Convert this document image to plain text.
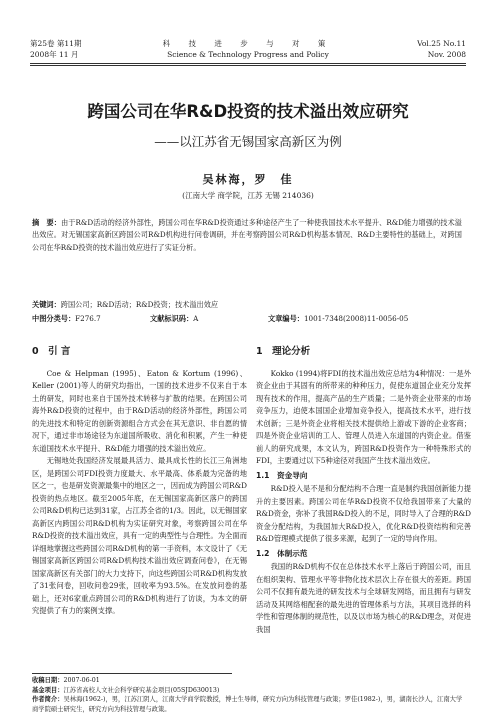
第25卷 第11期
2008年 11 月
科 技 进 步 与 对 策
Science & Technology Progress and Policy
Vol.25 No.11
Nov. 2008
跨国公司在华R&D投资的技术溢出效应研究
——以江苏省无锡国家高新区为例
吴林海，罗　佳
(江南大学 商学院，江苏 无锡 214036)
摘　要：由于R&D活动的经济外部性，跨国公司在华R&D投资通过多种途径产生了一种使我国技术水平提升、R&D能力增强的技术溢出效应。对无锡国家高新区跨国公司R&D机构进行问卷调研，并在考察跨国公司R&D机构基本情况、R&D主要特性的基础上，对跨国公司在华R&D投资的技术溢出效应进行了实证分析。
关键词：跨国公司；R&D活动；R&D投资；技术溢出效应
中图分类号： F276.7	文献标识码： A	文章编号： 1001-7348(2008)11-0056-05
0　引 言

Coe & Helpman (1995)、Eaton & Kortum (1996)、Keller (2001)等人的研究均指出，一国的技术进步不仅来自于本土的研发，同时也来自于国外技术转移与扩散的结果。在跨国公司海外R&D投资的过程中，由于R&D活动的经济外部性，跨国公司的先进技术和特定的创新资源组合方式会在其无意识、非自愿的情况下，通过非市场途径为东道国所吸收、消化和积累，产生一种使东道国技术水平提升、R&D能力增强的技术溢出效应。

无锡地处我国经济发展最具活力、最具成长性的长江三角洲地区，是跨国公司FDI投资力度最大、水平最高、体系最为完备的地区之一，也是研发资源最集中的地区之一，因而成为跨国公司R&D投资的热点地区。截至2005年底，在无锡国家高新区落户的跨国公司R&D机构已达到31家，占江苏全省的1/3。因此，以无锡国家高新区内跨国公司R&D机构为实证研究对象，考察跨国公司在华R&D投资的技术溢出效应，具有一定的典型性与合理性。为全面而详细地掌握这些跨国公司R&D机构的第一手资料，本文设计了《无锡国家高新区跨国公司R&D机构技术溢出效应调查问卷》，在无锡国家高新区有关部门的大力支持下，向这些跨国公司R&D机构发放了31张问卷，回收问卷29张，回收率为93.5%。在发放问卷的基础上，还对6家重点跨国公司的R&D机构进行了访谈，为本文的研究提供了有力的案例支撑。

1　理论分析

Kokko (1994)将FDI的技术溢出效应总结为4种情况：一是外资企业由于其固有的所带来的种种压力，促使东道国企业充分发挥现有技术的作用，提高产品的生产质量；二是外资企业带来的市场竞争压力，迫使本国国企业增加竞争投入，提高技术水平，进行技术创新；三是外资企业将相关技术提供给上游或下游的企业客商；四是外资企业培训的工人、管理人员进入东道国的内资企业。借鉴前人的研究成果，本文认为，跨国R&D投资作为一种特殊形式的FDI，主要通过以下5种途径对我国产生技术溢出效应。

1.1　资金导向

R&D投入是不是和分配结构不合理一直是制约我国创新能力提升的主要因素。跨国公司在华R&D投资不仅给我国带来了大量的R&D资金，弥补了我国R&D投入的不足，同时导入了合理的R&D资金分配结构，为我国加大R&D投入，优化R&D投资结构和完善R&D管理模式提供了很多来源，起到了一定的导向作用。

1.2　体制示范

我国的R&D机构不仅在总体技术水平上落后于跨国公司，而且在组织架构、管理水平等非物化技术层次上存在很大的差距。跨国公司不仅拥有最先进的研发技术与全球研发网络，而且拥有与研发活动及其网络相配套的最先进的管理体系与方法，其项目选择的科学性和管理体制的规范性，以及以市场为核心的R&D理念，对促进我国

收稿日期：2007-06-01
基金项目：江苏省高校人文社会科学研究基金项目(05SJD630013)
作者简介：吴林海(1962-)，男，江苏江阴人，江南大学商学院教授，博士生导师，研究方向为科技管理与政策；罗佳(1982-)，男，湖南长沙人，江南大学商学院硕士研究生，研究方向为科技管理与政策。
